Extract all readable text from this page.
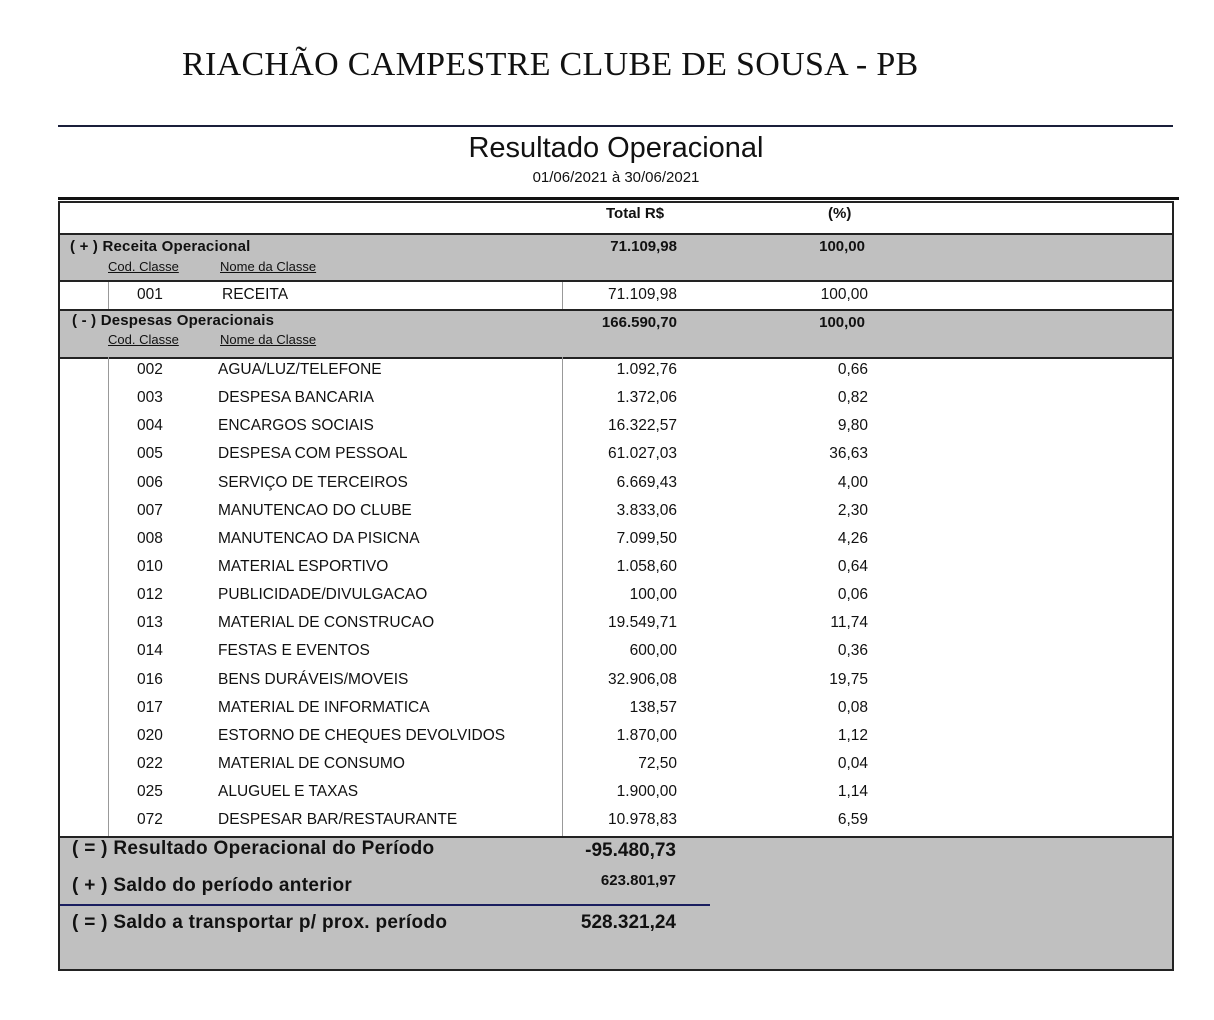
RIACHÃO CAMPESTRE CLUBE DE SOUSA - PB
Resultado Operacional
01/06/2021 à 30/06/2021
Total R$	(%)
( + ) Receita Operacional	71.109,98	100,00
Cod. Classe	Nome da Classe
001	RECEITA	71.109,98	100,00
( - ) Despesas Operacionais	166.590,70	100,00
Cod. Classe	Nome da Classe
002	AGUA/LUZ/TELEFONE	1.092,76	0,66
003	DESPESA BANCARIA	1.372,06	0,82
004	ENCARGOS SOCIAIS	16.322,57	9,80
005	DESPESA COM PESSOAL	61.027,03	36,63
006	SERVIÇO DE TERCEIROS	6.669,43	4,00
007	MANUTENCAO DO CLUBE	3.833,06	2,30
008	MANUTENCAO DA PISICNA	7.099,50	4,26
010	MATERIAL ESPORTIVO	1.058,60	0,64
012	PUBLICIDADE/DIVULGACAO	100,00	0,06
013	MATERIAL DE CONSTRUCAO	19.549,71	11,74
014	FESTAS E EVENTOS	600,00	0,36
016	BENS DURÁVEIS/MOVEIS	32.906,08	19,75
017	MATERIAL DE INFORMATICA	138,57	0,08
020	ESTORNO DE CHEQUES DEVOLVIDOS	1.870,00	1,12
022	MATERIAL DE CONSUMO	72,50	0,04
025	ALUGUEL E TAXAS	1.900,00	1,14
072	DESPESAR BAR/RESTAURANTE	10.978,83	6,59
( = ) Resultado Operacional do Período	-95.480,73
( + ) Saldo do período anterior	623.801,97
( = ) Saldo a transportar p/ prox. período	528.321,24
